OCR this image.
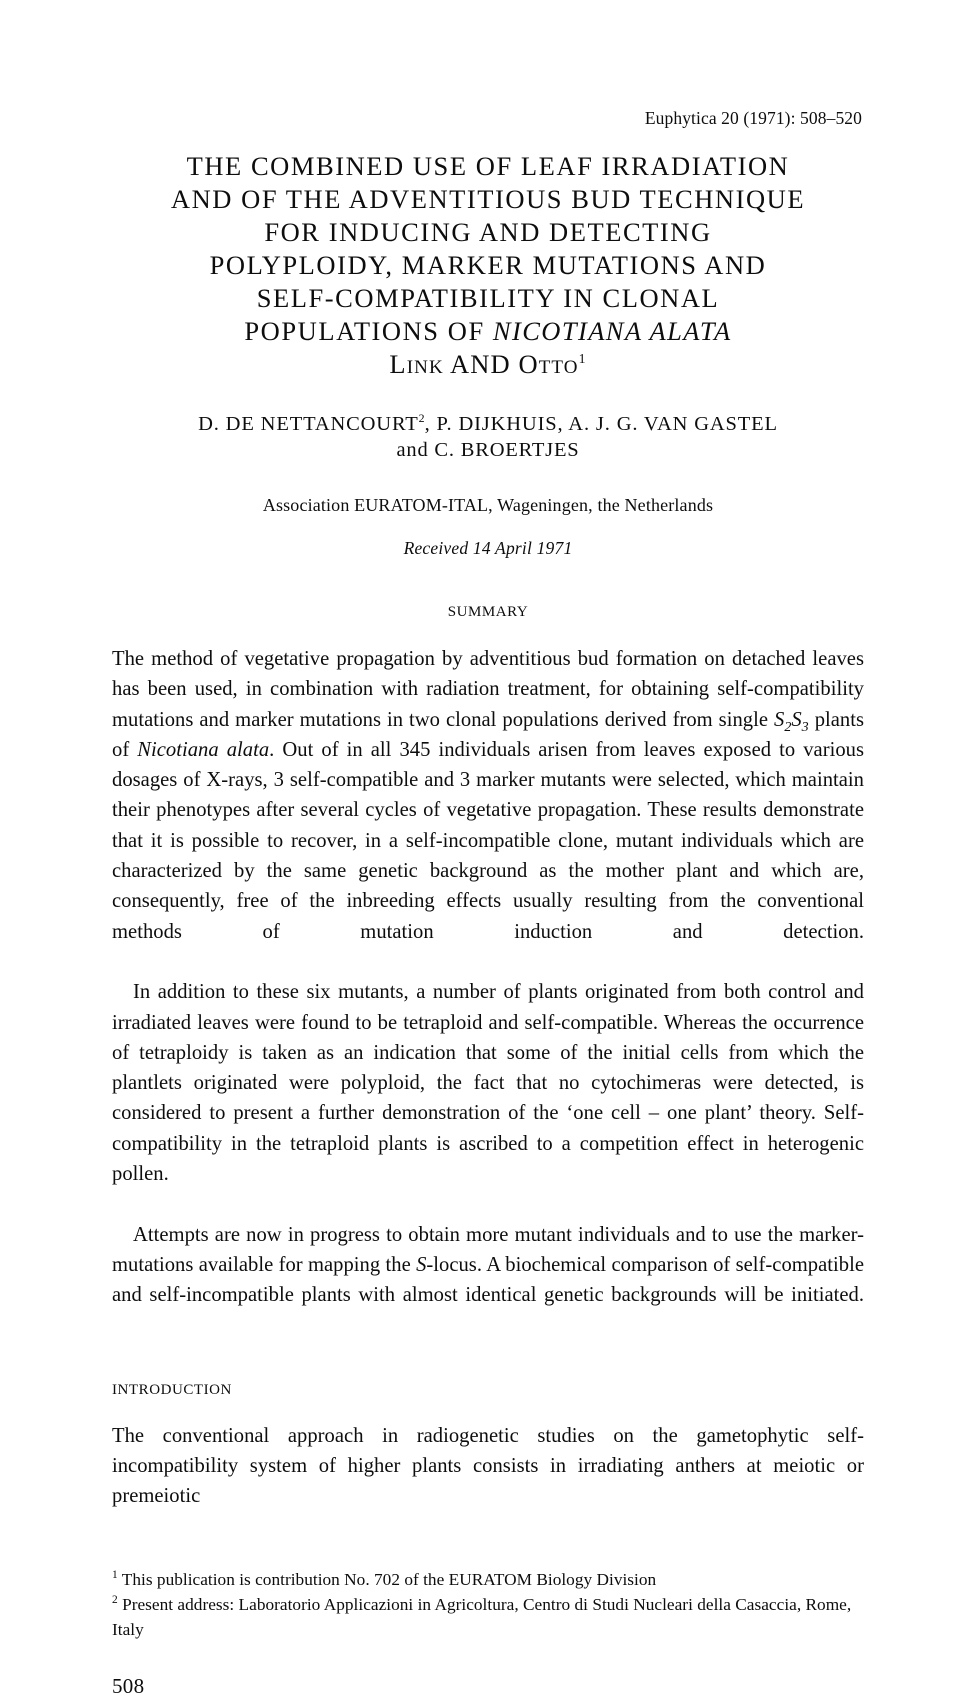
Euphytica 20 (1971): 508–520
THE COMBINED USE OF LEAF IRRADIATION
AND OF THE ADVENTITIOUS BUD TECHNIQUE
FOR INDUCING AND DETECTING
POLYPLOIDY, MARKER MUTATIONS AND
SELF-COMPATIBILITY IN CLONAL
POPULATIONS OF NICOTIANA ALATA
Link AND Otto$^1$
D. DE NETTANCOURT$^2$, P. DIJKHUIS, A. J. G. VAN GASTEL
and C. BROERTJES
Association EURATOM-ITAL, Wageningen, the Netherlands
Received 14 April 1971
SUMMARY

The method of vegetative propagation by adventitious bud formation on detached leaves has been used, in combination with radiation treatment, for obtaining self-compatibility mutations and marker mutations in two clonal populations derived from single $S_2S_3$ plants of Nicotiana alata. Out of in all 345 individuals arisen from leaves exposed to various dosages of X-rays, 3 self-compatible and 3 marker mutants were selected, which maintain their phenotypes after several cycles of vegetative propagation. These results demonstrate that it is possible to recover, in a self-incompatible clone, mutant individuals which are characterized by the same genetic background as the mother plant and which are, consequently, free of the inbreeding effects usually resulting from the conventional methods of mutation induction and detection.

In addition to these six mutants, a number of plants originated from both control and irradiated leaves were found to be tetraploid and self-compatible. Whereas the occurrence of tetraploidy is taken as an indication that some of the initial cells from which the plantlets originated were polyploid, the fact that no cytochimeras were detected, is considered to present a further demonstration of the ‘one cell – one plant’ theory. Self-compatibility in the tetraploid plants is ascribed to a competition effect in heterogenic pollen.

Attempts are now in progress to obtain more mutant individuals and to use the marker-mutations available for mapping the S-locus. A biochemical comparison of self-compatible and self-incompatible plants with almost identical genetic backgrounds will be initiated.

INTRODUCTION

The conventional approach in radiogenetic studies on the gametophytic self-incompatibility system of higher plants consists in irradiating anthers at meiotic or premeiotic

$^1$ This publication is contribution No. 702 of the EURATOM Biology Division

$^2$ Present address: Laboratorio Applicazioni in Agricoltura, Centro di Studi Nucleari della Casaccia, Rome, Italy

508
